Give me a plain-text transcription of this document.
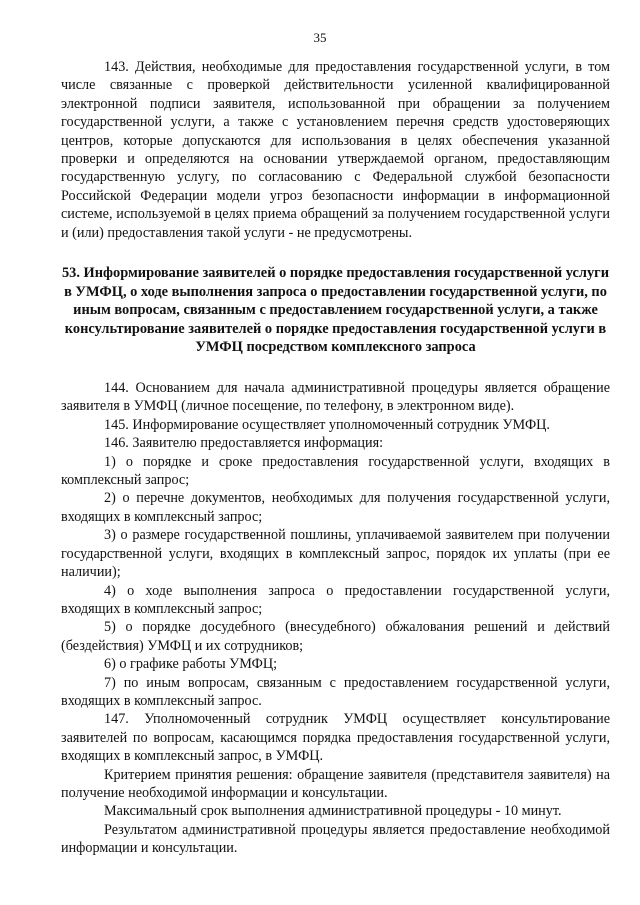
35

143. Действия, необходимые для предоставления государственной услуги, в том числе связанные с проверкой действительности усиленной квалифицированной электронной подписи заявителя, использованной при обращении за получением государственной услуги, а также с установлением перечня средств удостоверяющих центров, которые допускаются для использования в целях обеспечения указанной проверки и определяются на основании утверждаемой органом, предоставляющим государственную услугу, по согласованию с Федеральной службой безопасности Российской Федерации модели угроз безопасности информации в информационной системе, используемой в целях приема обращений за получением государственной услуги и (или) предоставления такой услуги - не предусмотрены.

53. Информирование заявителей о порядке предоставления государственной услуги в УМФЦ, о ходе выполнения запроса о предоставлении государственной услуги, по иным вопросам, связанным с предоставлением государственной услуги, а также консультирование заявителей о порядке предоставления государственной услуги в УМФЦ посредством комплексного запроса

144. Основанием для начала административной процедуры является обращение заявителя в УМФЦ (личное посещение, по телефону, в электронном виде).

145. Информирование осуществляет уполномоченный сотрудник УМФЦ.

146. Заявителю предоставляется информация:

1) о порядке и сроке предоставления государственной услуги, входящих в комплексный запрос;

2) о перечне документов, необходимых для получения государственной услуги, входящих в комплексный запрос;

3) о размере государственной пошлины, уплачиваемой заявителем при получении государственной услуги, входящих в комплексный запрос, порядок их уплаты (при ее наличии);

4) о ходе выполнения запроса о предоставлении государственной услуги, входящих в комплексный запрос;

5) о порядке досудебного (внесудебного) обжалования решений и действий (бездействия) УМФЦ и их сотрудников;

6) о графике работы УМФЦ;

7) по иным вопросам, связанным с предоставлением государственной услуги, входящих в комплексный запрос.

147. Уполномоченный сотрудник УМФЦ осуществляет консультирование заявителей по вопросам, касающимся порядка предоставления государственной услуги, входящих в комплексный запрос, в УМФЦ.

Критерием принятия решения: обращение заявителя (представителя заявителя) на получение необходимой информации и консультации.

Максимальный срок выполнения административной процедуры - 10 минут.

Результатом административной процедуры является предоставление необходимой информации и консультации.
